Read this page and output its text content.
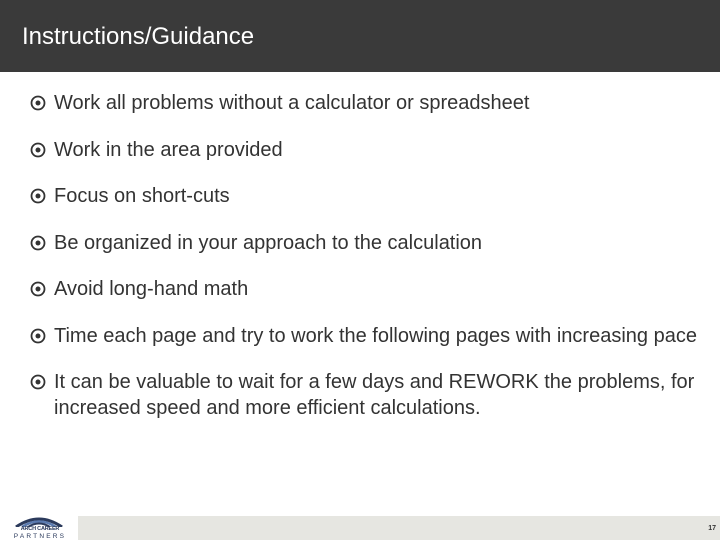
Instructions/Guidance
Work all problems without a calculator or spreadsheet
Work in the area provided
Focus on short-cuts
Be organized in your approach to the calculation
Avoid long-hand math
Time each page and try to work the following pages with increasing pace
It can be valuable to wait for a few days and REWORK the problems, for increased speed and more efficient calculations.
ARCH CAREER
PARTNERS
17
